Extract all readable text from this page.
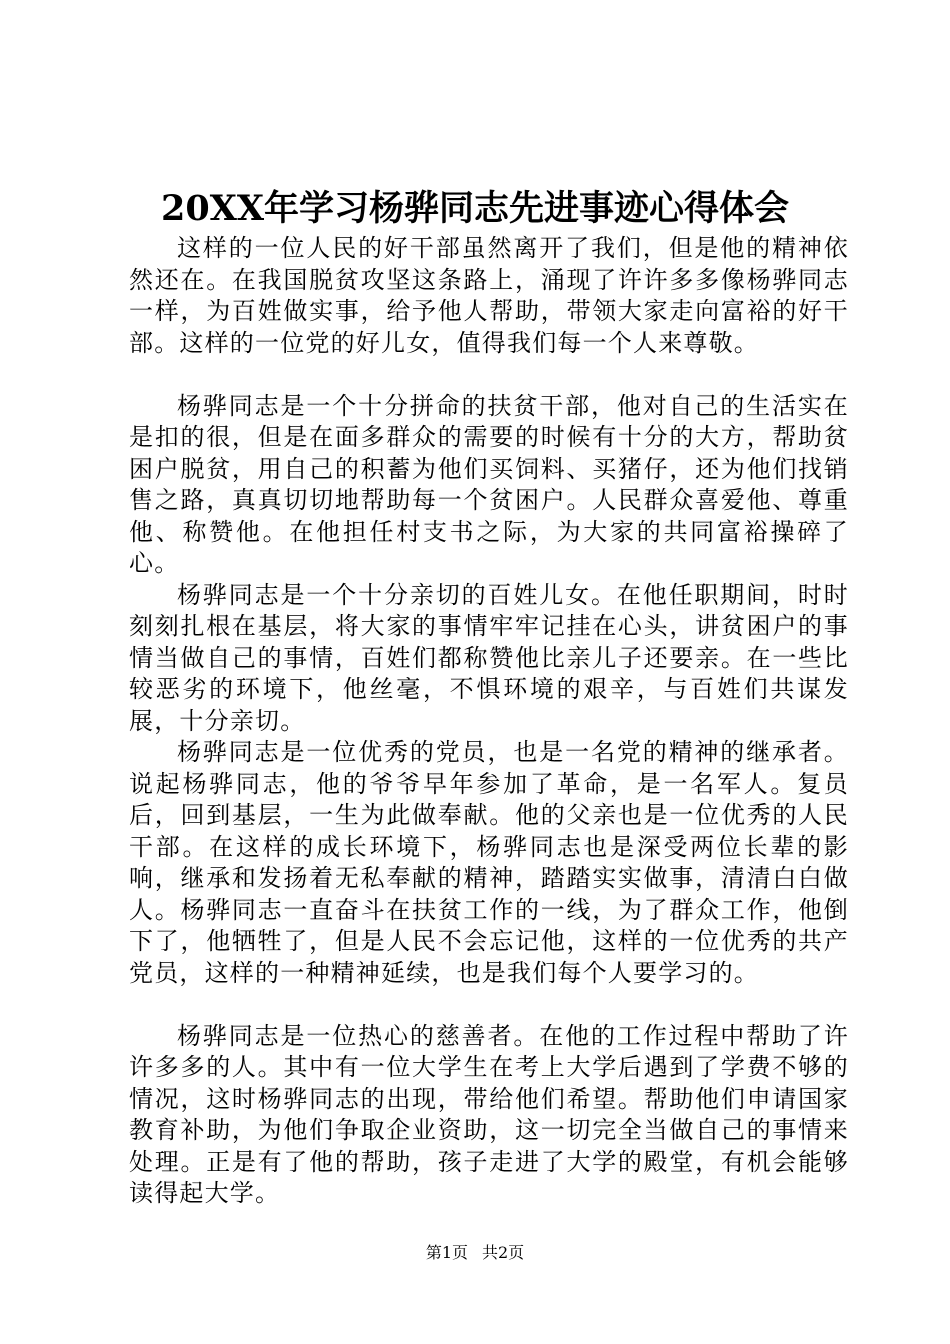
20XX年学习杨骅同志先进事迹心得体会

这样的一位人民的好干部虽然离开了我们，但是他的精神依然还在。在我国脱贫攻坚这条路上，涌现了许许多多像杨骅同志一样，为百姓做实事，给予他人帮助，带领大家走向富裕的好干部。这样的一位党的好儿女，值得我们每一个人来尊敬。

杨骅同志是一个十分拼命的扶贫干部，他对自己的生活实在是扣的很，但是在面多群众的需要的时候有十分的大方，帮助贫困户脱贫，用自己的积蓄为他们买饲料、买猪仔，还为他们找销售之路，真真切切地帮助每一个贫困户。人民群众喜爱他、尊重他、称赞他。在他担任村支书之际，为大家的共同富裕操碎了心。

杨骅同志是一个十分亲切的百姓儿女。在他任职期间，时时刻刻扎根在基层，将大家的事情牢牢记挂在心头，讲贫困户的事情当做自己的事情，百姓们都称赞他比亲儿子还要亲。在一些比较恶劣的环境下，他丝毫，不惧环境的艰辛，与百姓们共谋发展，十分亲切。

杨骅同志是一位优秀的党员，也是一名党的精神的继承者。说起杨骅同志，他的爷爷早年参加了革命，是一名军人。复员后，回到基层，一生为此做奉献。他的父亲也是一位优秀的人民干部。在这样的成长环境下，杨骅同志也是深受两位长辈的影响，继承和发扬着无私奉献的精神，踏踏实实做事，清清白白做人。杨骅同志一直奋斗在扶贫工作的一线，为了群众工作，他倒下了，他牺牲了，但是人民不会忘记他，这样的一位优秀的共产党员，这样的一种精神延续，也是我们每个人要学习的。

杨骅同志是一位热心的慈善者。在他的工作过程中帮助了许许多多的人。其中有一位大学生在考上大学后遇到了学费不够的情况，这时杨骅同志的出现，带给他们希望。帮助他们申请国家教育补助，为他们争取企业资助，这一切完全当做自己的事情来处理。正是有了他的帮助，孩子走进了大学的殿堂，有机会能够读得起大学。

第1页 共2页
